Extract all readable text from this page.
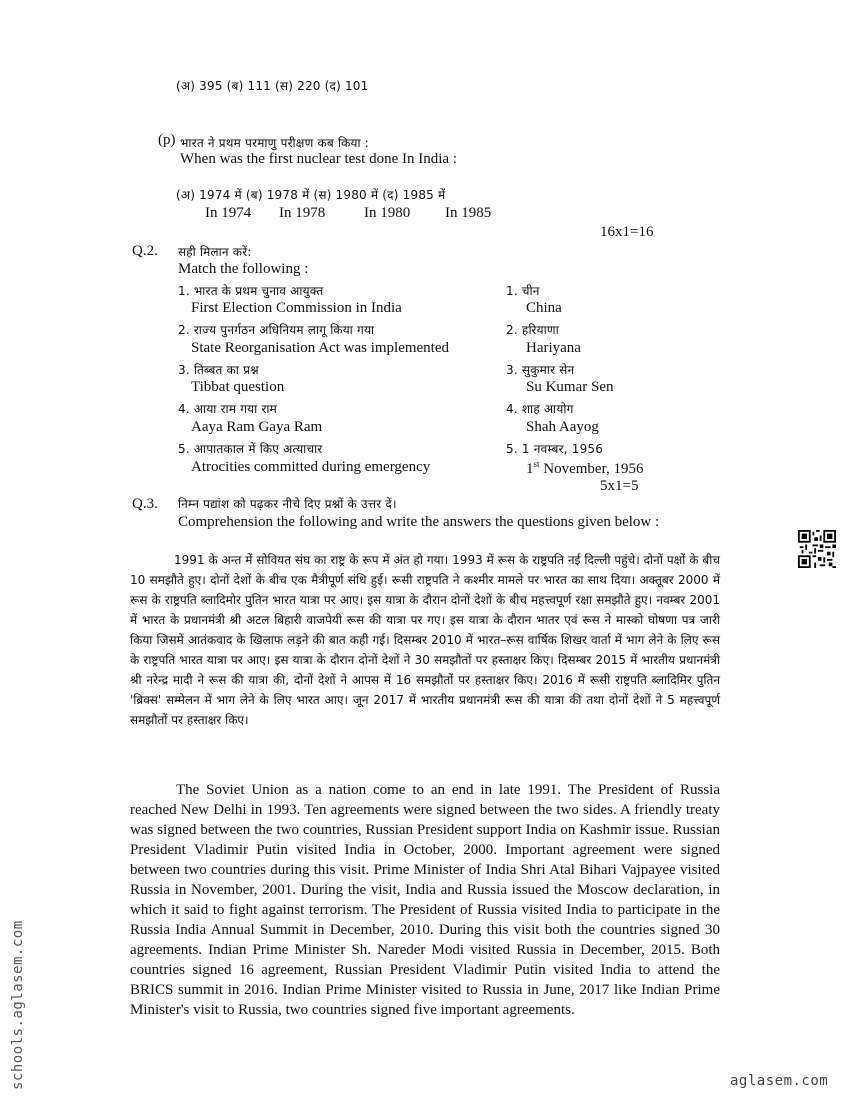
(अ) 395 (ब) 111 (स) 220 (द) 101
(p) भारत ने प्रथम परमाणु परीक्षण कब किया :
When was the first nuclear test done In India :
(अ) 1974 में (ब) 1978 में (स) 1980 में (द) 1985 में
In 1974 In 1978	In 1980 In 1985
16x1=16
Q.2. सही मिलान करें:
Match the following :
1. भारत के प्रथम चुनाव आयुक्त
First Election Commission in India
2. राज्य पुनर्गठन अधिनियम लागू किया गया
State Reorganisation Act was implemented
3. तिब्बत का प्रश्न
Tibbat question
4. आया राम गया राम
Aaya Ram Gaya Ram
5. आपातकाल में किए अत्याचार
Atrocities committed during emergency
1. चीन
China
2. हरियाणा
Hariyana
3. सुकुमार सेन
Su Kumar Sen
4. शाह आयोग
Shah Aayog
5. 1 नवम्बर, 1956
1st November, 1956
5x1=5
Q.3. निम्न पद्यांश को पढ़कर नीचे दिए प्रश्नों के उत्तर दें।
Comprehension the following and write the answers the questions given below :
1991 के अन्त में सोवियत संघ का राष्ट्र के रूप में अंत हो गया। 1993 में रूस के राष्ट्रपति नई दिल्ली पहुंचे। दोनों पक्षों के बीच 10 समझौते हुए। दोनों देशों के बीच एक मैत्रीपूर्ण संधि हुई। रूसी राष्ट्रपति ने कश्मीर मामले पर भारत का साथ दिया। अक्तूबर 2000 में रूस के राष्ट्रपति ब्लादिमोर पुतिन भारत यात्रा पर आए। इस यात्रा के दौरान दोनों देशों के बीच महत्त्वपूर्ण रक्षा समझौते हुए। नवम्बर 2001 में भारत के प्रधानमंत्री श्री अटल बिहारी वाजपेयी रूस की यात्रा पर गए। इस यात्रा के दौरान भातर एवं रूस ने मास्को घोषणा पत्र जारी किया जिसमें आतंकवाद के खिलाफ लड़ने की बात कही गई। दिसम्बर 2010 में भारत–रूस वार्षिक शिखर वार्ता में भाग लेने के लिए रूस के राष्ट्रपति भारत यात्रा पर आए। इस यात्रा के दौरान दोनों देशों ने 30 समझौतों पर हस्ताक्षर किए। दिसम्बर 2015 में भारतीय प्रधानमंत्री श्री नरेन्द्र मादी ने रूस की यात्रा की, दोनों देशों ने आपस में 16 समझौतों पर हस्ताक्षर किए। 2016 में रूसी राष्ट्रपति ब्लादिमिर पुतिन 'ब्रिक्स' सम्मेलन में भाग लेने के लिए भारत आए। जून 2017 में भारतीय प्रधानमंत्री रूस की यात्रा की तथा दोनों देशों ने 5 महत्त्वपूर्ण समझौतों पर हस्ताक्षर किए।
The Soviet Union as a nation come to an end in late 1991. The President of Russia reached New Delhi in 1993. Ten agreements were signed between the two sides. A friendly treaty was signed between the two countries, Russian President support India on Kashmir issue. Russian President Vladimir Putin visited India in October, 2000. Important agreement were signed between two countries during this visit. Prime Minister of India Shri Atal Bihari Vajpayee visited Russia in November, 2001. During the visit, India and Russia issued the Moscow declaration, in which it said to fight against terrorism. The President of Russia visited India to participate in the Russia India Annual Summit in December, 2010. During this visit both the countries signed 30 agreements. Indian Prime Minister Sh. Nareder Modi visited Russia in December, 2015. Both countries signed 16 agreement, Russian President Vladimir Putin visited India to attend the BRICS summit in 2016. Indian Prime Minister visited to Russia in June, 2017 like Indian Prime Minister's visit to Russia, two countries signed five important agreements.
schools.aglasem.com	aglasem.com
